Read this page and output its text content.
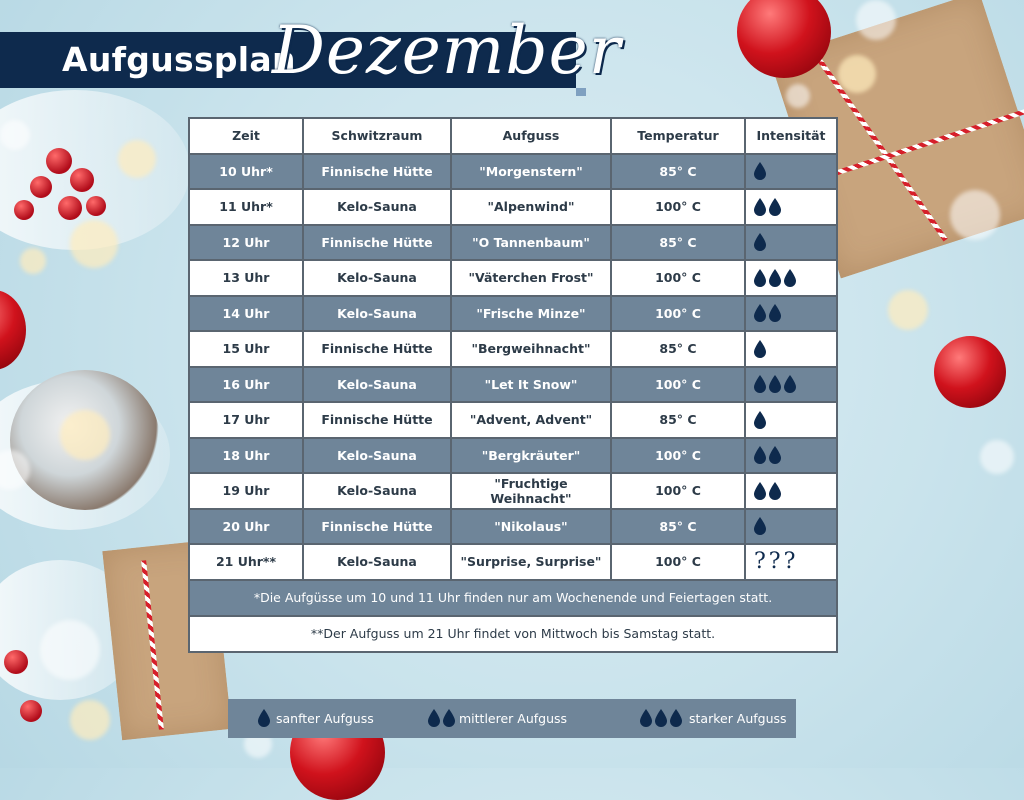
Aufgussplan
Dezember
Zeit	Schwitzraum	Aufguss	Temperatur	Intensität
10 Uhr*	Finnische Hütte	"Morgenstern"	85° C	
11 Uhr*	Kelo-Sauna	"Alpenwind"	100° C	
12 Uhr	Finnische Hütte	"O Tannenbaum"	85° C	
13 Uhr	Kelo-Sauna	"Väterchen Frost"	100° C	
14 Uhr	Kelo-Sauna	"Frische Minze"	100° C	
15 Uhr	Finnische Hütte	"Bergweihnacht"	85° C	
16 Uhr	Kelo-Sauna	"Let It Snow"	100° C	
17 Uhr	Finnische Hütte	"Advent, Advent"	85° C	
18 Uhr	Kelo-Sauna	"Bergkräuter"	100° C	
19 Uhr	Kelo-Sauna	"Fruchtige Weihnacht"	100° C	
20 Uhr	Finnische Hütte	"Nikolaus"	85° C	
21 Uhr**	Kelo-Sauna	"Surprise, Surprise"	100° C	???
*Die Aufgüsse um 10 und 11 Uhr finden nur am Wochenende und Feiertagen statt.				
**Der Aufguss um 21 Uhr findet von Mittwoch bis Samstag statt.				
sanfter Aufguss	mittlerer Aufguss	starker Aufguss
